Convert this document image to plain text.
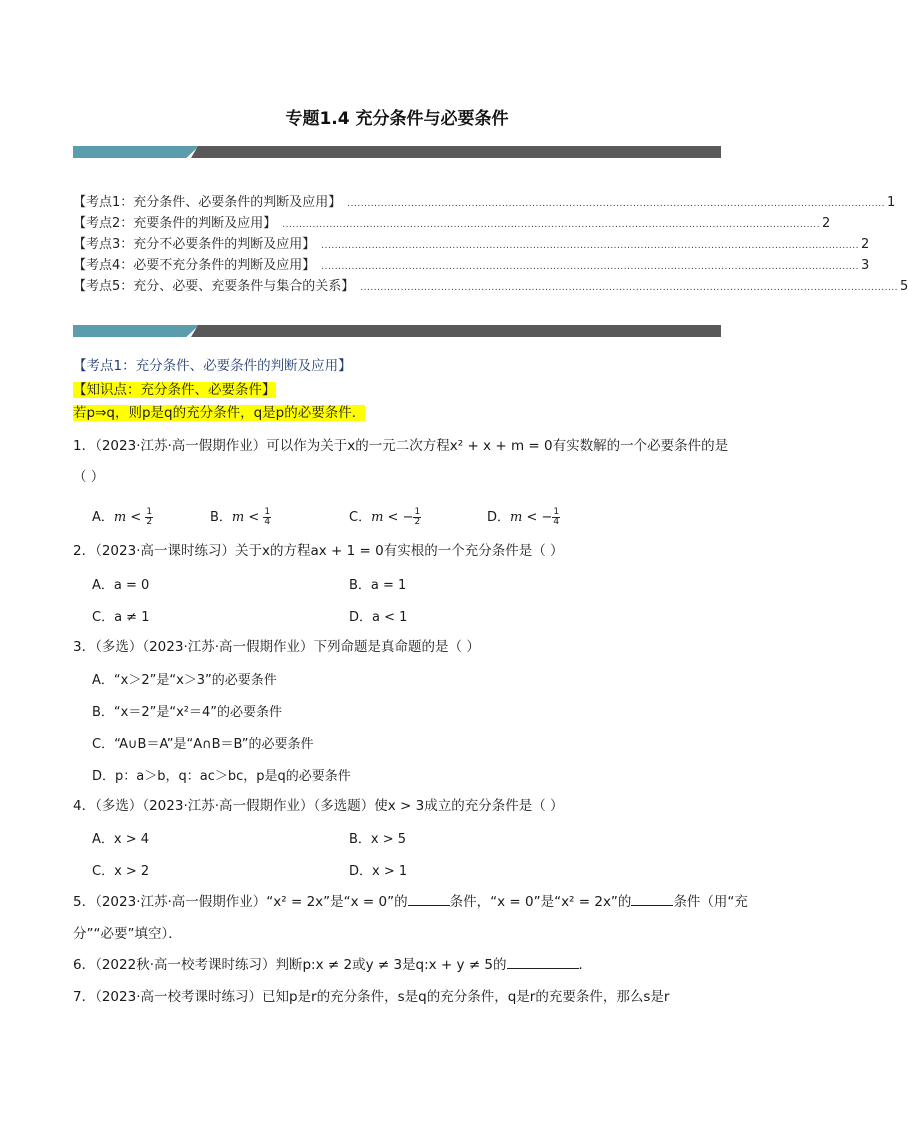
专题1.4 充分条件与必要条件
【考点1：充分条件、必要条件的判断及应用】 ................................................................................................................................................................ 1
【考点2：充要条件的判断及应用】 ................................................................................................................................................................ 2
【考点3：充分不必要条件的判断及应用】 ................................................................................................................................................................ 2
【考点4：必要不充分条件的判断及应用】 ................................................................................................................................................................ 3
【考点5：充分、必要、充要条件与集合的关系】 ................................................................................................................................................................ 5
【考点1：充分条件、必要条件的判断及应用】
【知识点：充分条件、必要条件】
若p⇒q，则p是q的充分条件，q是p的必要条件．
1．（2023·江苏·高一假期作业）可以作为关于x的一元二次方程x² + x + m = 0有实数解的一个必要条件的是
（ ）
A．$m < \frac{1}{2}$	B．$m < \frac{1}{4}$	C．m < − $\frac{1}{2}$	D．m < − $\frac{1}{4}$
2．（2023·高一课时练习）关于x的方程ax + 1 = 0有实根的一个充分条件是（ ）
A．a = 0	B．a = 1
C．a ≠ 1	D．a < 1
3．（多选）（2023·江苏·高一假期作业）下列命题是真命题的是（ ）
A．“x＞2”是“x＞3”的必要条件
B．“x＝2”是“x²＝4”的必要条件
C．“A∪B＝A”是“A∩B＝B”的必要条件
D．p：a＞b，q：ac＞bc，p是q的必要条件
4．（多选）（2023·江苏·高一假期作业）（多选题）使x > 3成立的充分条件是（ ）
A．x > 4	B．x > 5
C．x > 2	D．x > 1
5．（2023·江苏·高一假期作业）“x² = 2x”是“x = 0”的	条件，“x = 0”是“x² = 2x”的	条件（用“充
分”“必要”填空）．
6．（2022秋·高一校考课时练习）判断p:x ≠ 2或y ≠ 3是q:x + y ≠ 5的	．
7．（2023·高一校考课时练习）已知p是r的充分条件，s是q的充分条件，q是r的充要条件，那么s是r
